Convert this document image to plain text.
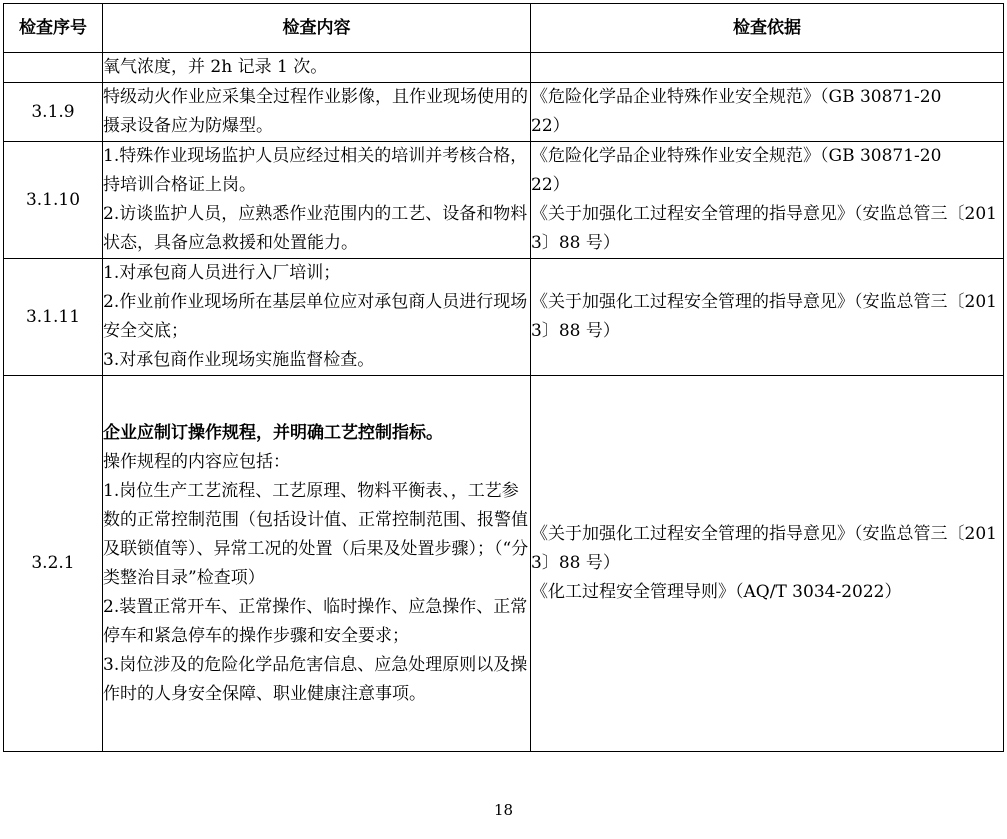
检查序号	检查内容	检查依据

	氧气浓度，并 2h 记录 1 次。	

3.1.9	特级动火作业应采集全过程作业影像，且作业现场使用的摄录设备应为防爆型。	《危险化学品企业特殊作业安全规范》（GB 30871-2022）

3.1.10	1.特殊作业现场监护人员应经过相关的培训并考核合格，持培训合格证上岗。
2.访谈监护人员，应熟悉作业范围内的工艺、设备和物料状态，具备应急救援和处置能力。	《危险化学品企业特殊作业安全规范》（GB 30871-2022）
《关于加强化工过程安全管理的指导意见》（安监总管三〔2013〕88 号）

3.1.11	1.对承包商人员进行入厂培训；
2.作业前作业现场所在基层单位应对承包商人员进行现场安全交底；
3.对承包商作业现场实施监督检查。	《关于加强化工过程安全管理的指导意见》（安监总管三〔2013〕88 号）

3.2.1	企业应制订操作规程，并明确工艺控制指标。
操作规程的内容应包括：
1.岗位生产工艺流程、工艺原理、物料平衡表、，工艺参数的正常控制范围（包括设计值、正常控制范围、报警值及联锁值等）、异常工况的处置（后果及处置步骤）；（“分类整治目录”检查项）
2.装置正常开车、正常操作、临时操作、应急操作、正常停车和紧急停车的操作步骤和安全要求；
3.岗位涉及的危险化学品危害信息、应急处理原则以及操作时的人身安全保障、职业健康注意事项。	《关于加强化工过程安全管理的指导意见》（安监总管三〔2013〕88 号）
《化工过程安全管理导则》（AQ/T 3034-2022）
18
